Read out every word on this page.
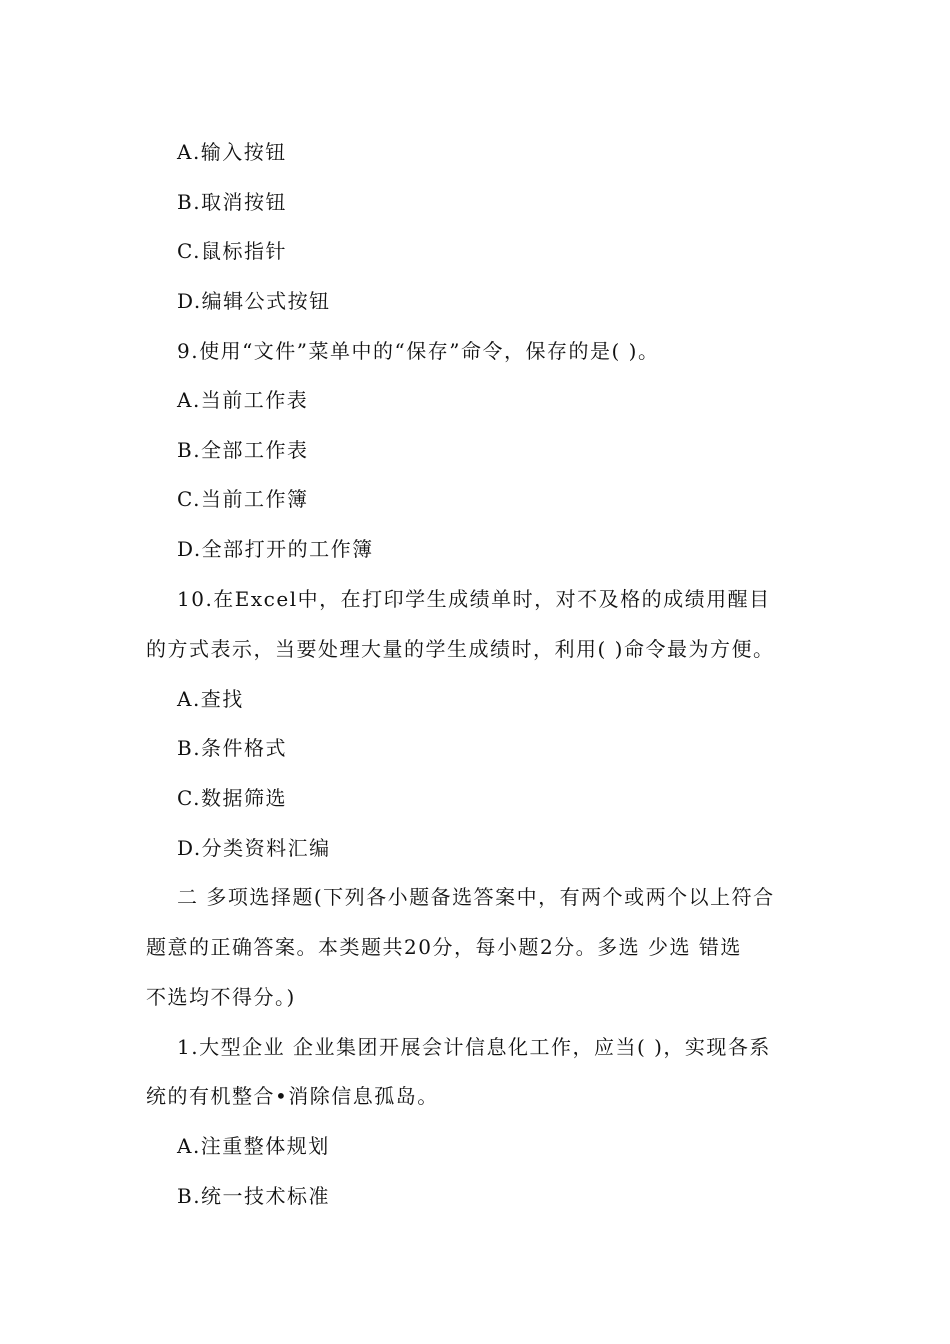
A.输入按钮
B.取消按钮
C.鼠标指针
D.编辑公式按钮
9.使用“文件”菜单中的“保存”命令，保存的是( )。
A.当前工作表
B.全部工作表
C.当前工作簿
D.全部打开的工作簿
10.在Excel中，在打印学生成绩单时，对不及格的成绩用醒目
的方式表示，当要处理大量的学生成绩时，利用( )命令最为方便。
A.查找
B.条件格式
C.数据筛选
D.分类资料汇编
二 多项选择题(下列各小题备选答案中，有两个或两个以上符合
题意的正确答案。本类题共20分，每小题2分。多选 少选 错选
不选均不得分。)
1.大型企业 企业集团开展会计信息化工作，应当( )，实现各系
统的有机整合•消除信息孤岛。
A.注重整体规划
B.统一技术标准
